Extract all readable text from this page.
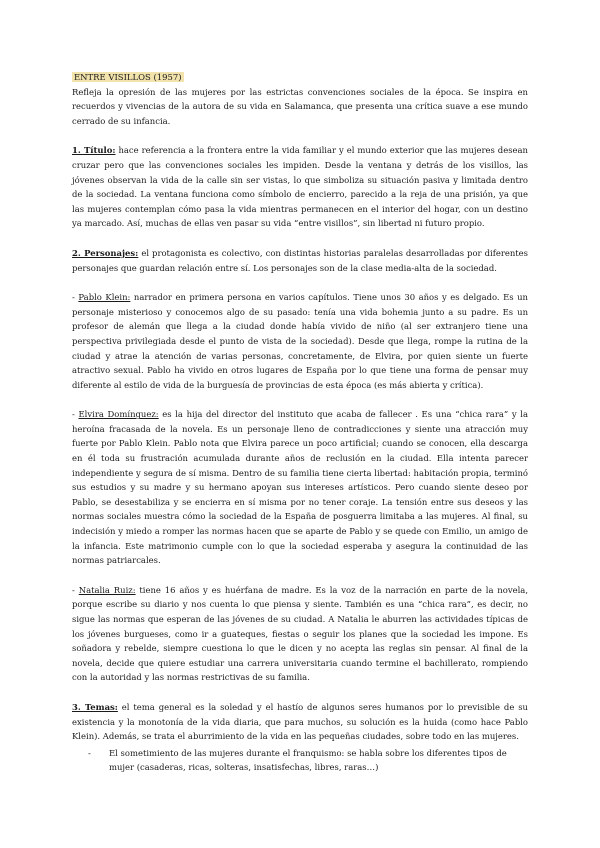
ENTRE VISILLOS (1957)

Refleja la opresión de las mujeres por las estrictas convenciones sociales de la época. Se inspira en recuerdos y vivencias de la autora de su vida en Salamanca, que presenta una crítica suave a ese mundo cerrado de su infancia.

1. Título: hace referencia a la frontera entre la vida familiar y el mundo exterior que las mujeres desean cruzar pero que las convenciones sociales les impiden. Desde la ventana y detrás de los visillos, las jóvenes observan la vida de la calle sin ser vistas, lo que simboliza su situación pasiva y limitada dentro de la sociedad. La ventana funciona como símbolo de encierro, parecido a la reja de una prisión, ya que las mujeres contemplan cómo pasa la vida mientras permanecen en el interior del hogar, con un destino ya marcado. Así, muchas de ellas ven pasar su vida “entre visillos”, sin libertad ni futuro propio.

2. Personajes: el protagonista es colectivo, con distintas historias paralelas desarrolladas por diferentes personajes que guardan relación entre sí. Los personajes son de la clase media-alta de la sociedad.

- Pablo Klein: narrador en primera persona en varios capítulos. Tiene unos 30 años y es delgado. Es un personaje misterioso y conocemos algo de su pasado: tenía una vida bohemia junto a su padre. Es un profesor de alemán que llega a la ciudad donde había vivido de niño (al ser extranjero tiene una perspectiva privilegiada desde el punto de vista de la sociedad). Desde que llega, rompe la rutina de la ciudad y atrae la atención de varias personas, concretamente, de Elvira, por quien siente un fuerte atractivo sexual. Pablo ha vivido en otros lugares de España por lo que tiene una forma de pensar muy diferente al estilo de vida de la burguesía de provincias de esta época (es más abierta y crítica).

- Elvira Domínguez: es la hija del director del instituto que acaba de fallecer . Es una “chica rara” y la heroína fracasada de la novela. Es un personaje lleno de contradicciones y siente una atracción muy fuerte por Pablo Klein. Pablo nota que Elvira parece un poco artificial; cuando se conocen, ella descarga en él toda su frustración acumulada durante años de reclusión en la ciudad. Ella intenta parecer independiente y segura de sí misma. Dentro de su familia tiene cierta libertad: habitación propia, terminó sus estudios y su madre y su hermano apoyan sus intereses artísticos. Pero cuando siente deseo por Pablo, se desestabiliza y se encierra en sí misma por no tener coraje. La tensión entre sus deseos y las normas sociales muestra cómo la sociedad de la España de posguerra limitaba a las mujeres. Al final, su indecisión y miedo a romper las normas hacen que se aparte de Pablo y se quede con Emilio, un amigo de la infancia. Este matrimonio cumple con lo que la sociedad esperaba y asegura la continuidad de las normas patriarcales.

- Natalia Ruiz: tiene 16 años y es huérfana de madre. Es la voz de la narración en parte de la novela, porque escribe su diario y nos cuenta lo que piensa y siente. También es una “chica rara”, es decir, no sigue las normas que esperan de las jóvenes de su ciudad. A Natalia le aburren las actividades típicas de los jóvenes burgueses, como ir a guateques, fiestas o seguir los planes que la sociedad les impone. Es soñadora y rebelde, siempre cuestiona lo que le dicen y no acepta las reglas sin pensar. Al final de la novela, decide que quiere estudiar una carrera universitaria cuando termine el bachillerato, rompiendo con la autoridad y las normas restrictivas de su familia.

3. Temas: el tema general es la soledad y el hastío de algunos seres humanos por lo previsible de su existencia y la monotonía de la vida diaria, que para muchos, su solución es la huida (como hace Pablo Klein). Además, se trata el aburrimiento de la vida en las pequeñas ciudades, sobre todo en las mujeres.

- El sometimiento de las mujeres durante el franquismo: se habla sobre los diferentes tipos de mujer (casaderas, ricas, solteras, insatisfechas, libres, raras…)
